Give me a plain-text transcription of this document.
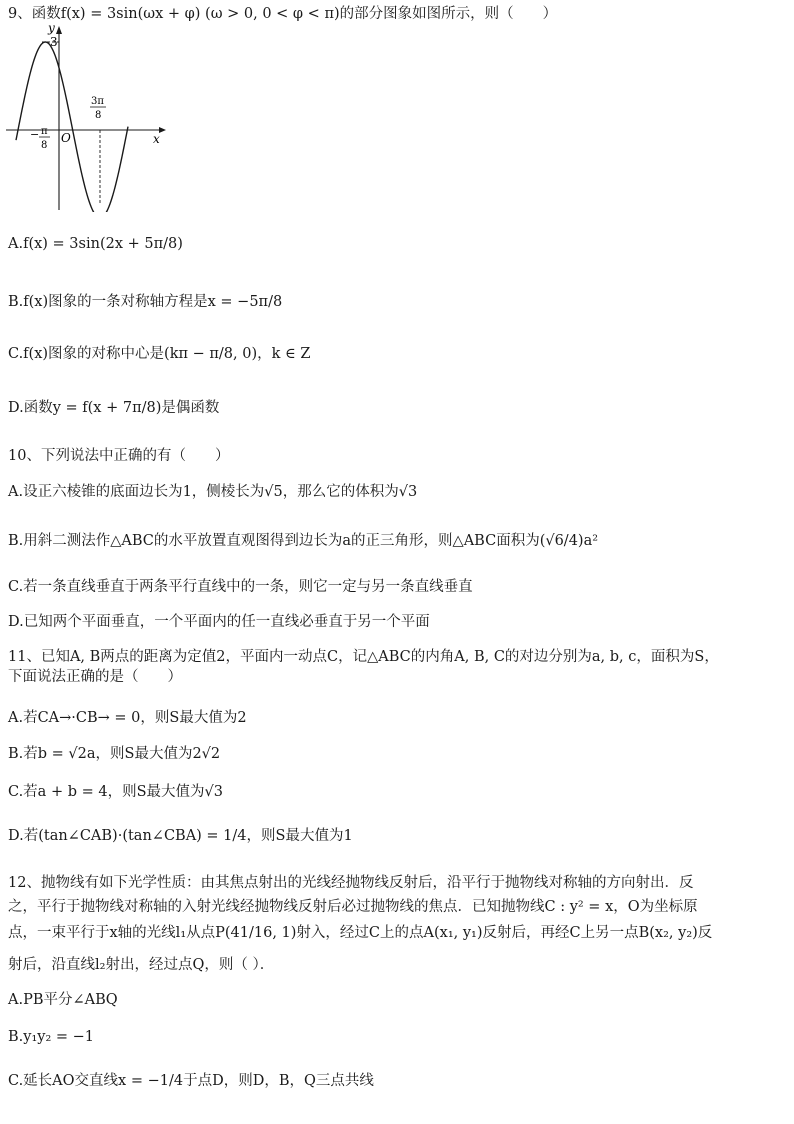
9、函数f(x) = 3sin(ωx + φ) (ω > 0, 0 < φ < π)的部分图象如图所示，则（　　）
y
x
3
O
− π
8
3π
8
A.f(x) = 3sin(2x + 5π/8)
B.f(x)图象的一条对称轴方程是x = −5π/8
C.f(x)图象的对称中心是(kπ − π/8, 0)，k ∈ Z
D.函数y = f(x + 7π/8)是偶函数
10、下列说法中正确的有（　　）
A.设正六棱锥的底面边长为1，侧棱长为√5，那么它的体积为√3
B.用斜二测法作△ABC的水平放置直观图得到边长为a的正三角形，则△ABC面积为(√6/4)a²
C.若一条直线垂直于两条平行直线中的一条，则它一定与另一条直线垂直
D.已知两个平面垂直，一个平面内的任一直线必垂直于另一个平面
11、已知A, B两点的距离为定值2，平面内一动点C，记△ABC的内角A, B, C的对边分别为a, b, c，面积为S，
下面说法正确的是（　　）
A.若CA→·CB→ = 0，则S最大值为2
B.若b = √2a，则S最大值为2√2
C.若a + b = 4，则S最大值为√3
D.若(tan∠CAB)·(tan∠CBA) = 1/4，则S最大值为1
12、抛物线有如下光学性质：由其焦点射出的光线经抛物线反射后，沿平行于抛物线对称轴的方向射出．反
之，平行于抛物线对称轴的入射光线经抛物线反射后必过抛物线的焦点．已知抛物线C : y² = x，O为坐标原
点，一束平行于x轴的光线l₁从点P(41/16, 1)射入，经过C上的点A(x₁, y₁)反射后，再经C上另一点B(x₂, y₂)反
射后，沿直线l₂射出，经过点Q，则（ ）．
A.PB平分∠ABQ
B.y₁y₂ = −1
C.延长AO交直线x = −1/4于点D，则D，B，Q三点共线
